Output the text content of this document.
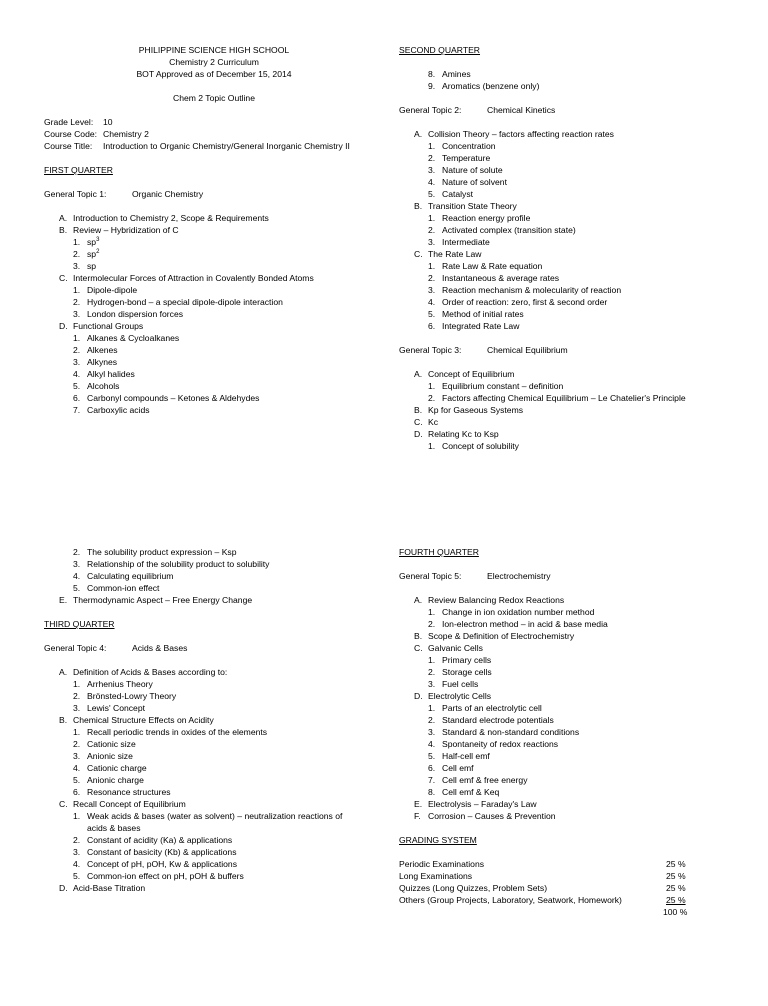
PHILIPPINE SCIENCE HIGH SCHOOL
Chemistry 2 Curriculum
BOT Approved as of December 15, 2014
Chem 2 Topic Outline
Grade Level: 10
Course Code: Chemistry 2
Course Title: Introduction to Organic Chemistry/General Inorganic Chemistry II
FIRST QUARTER
General Topic 1:	Organic Chemistry
A. Introduction to Chemistry 2, Scope & Requirements
B. Review – Hybridization of C
1. $sp^3$
2. $sp^2$
3. sp
C. Intermolecular Forces of Attraction in Covalently Bonded Atoms
1. Dipole-dipole
2. Hydrogen-bond – a special dipole-dipole interaction
3. London dispersion forces
D. Functional Groups
1. Alkanes & Cycloalkanes
2. Alkenes
3. Alkynes
4. Alkyl halides
5. Alcohols
6. Carbonyl compounds – Ketones & Aldehydes
7. Carboxylic acids
SECOND QUARTER
8. Amines
9. Aromatics (benzene only)
General Topic 2:	Chemical Kinetics
A. Collision Theory – factors affecting reaction rates
1. Concentration
2. Temperature
3. Nature of solute
4. Nature of solvent
5. Catalyst
B. Transition State Theory
1. Reaction energy profile
2. Activated complex (transition state)
3. Intermediate
C. The Rate Law
1. Rate Law & Rate equation
2. Instantaneous & average rates
3. Reaction mechanism & molecularity of reaction
4. Order of reaction: zero, first & second order
5. Method of initial rates
6. Integrated Rate Law
General Topic 3:	Chemical Equilibrium
A. Concept of Equilibrium
1. Equilibrium constant – definition
2. Factors affecting Chemical Equilibrium – Le Chatelier's Principle
B. Kp for Gaseous Systems
C. Kc
D. Relating Kc to Ksp
1. Concept of solubility
2. The solubility product expression – Ksp
3. Relationship of the solubility product to solubility
4. Calculating equilibrium
5. Common-ion effect
E. Thermodynamic Aspect – Free Energy Change
THIRD QUARTER
General Topic 4:	Acids & Bases
A. Definition of Acids & Bases according to:
1. Arrhenius Theory
2. Brönsted-Lowry Theory
3. Lewis' Concept
B. Chemical Structure Effects on Acidity
1. Recall periodic trends in oxides of the elements
2. Cationic size
3. Anionic size
4. Cationic charge
5. Anionic charge
6. Resonance structures
C. Recall Concept of Equilibrium
1. Weak acids & bases (water as solvent) – neutralization reactions of
acids & bases
2. Constant of acidity (Ka) & applications
3. Constant of basicity (Kb) & applications
4. Concept of pH, pOH, Kw & applications
5. Common-ion effect on pH, pOH & buffers
D. Acid-Base Titration
FOURTH QUARTER
General Topic 5:	Electrochemistry
A. Review Balancing Redox Reactions
1. Change in ion oxidation number method
2. Ion-electron method – in acid & base media
B. Scope & Definition of Electrochemistry
C. Galvanic Cells
1. Primary cells
2. Storage cells
3. Fuel cells
D. Electrolytic Cells
1. Parts of an electrolytic cell
2. Standard electrode potentials
3. Standard & non-standard conditions
4. Spontaneity of redox reactions
5. Half-cell emf
6. Cell emf
7. Cell emf & free energy
8. Cell emf & Keq
E. Electrolysis – Faraday's Law
F. Corrosion – Causes & Prevention
GRADING SYSTEM
Periodic Examinations	25 %
Long Examinations	25 %
Quizzes (Long Quizzes, Problem Sets)	25 %
Others (Group Projects, Laboratory, Seatwork, Homework)	25 %
100 %
